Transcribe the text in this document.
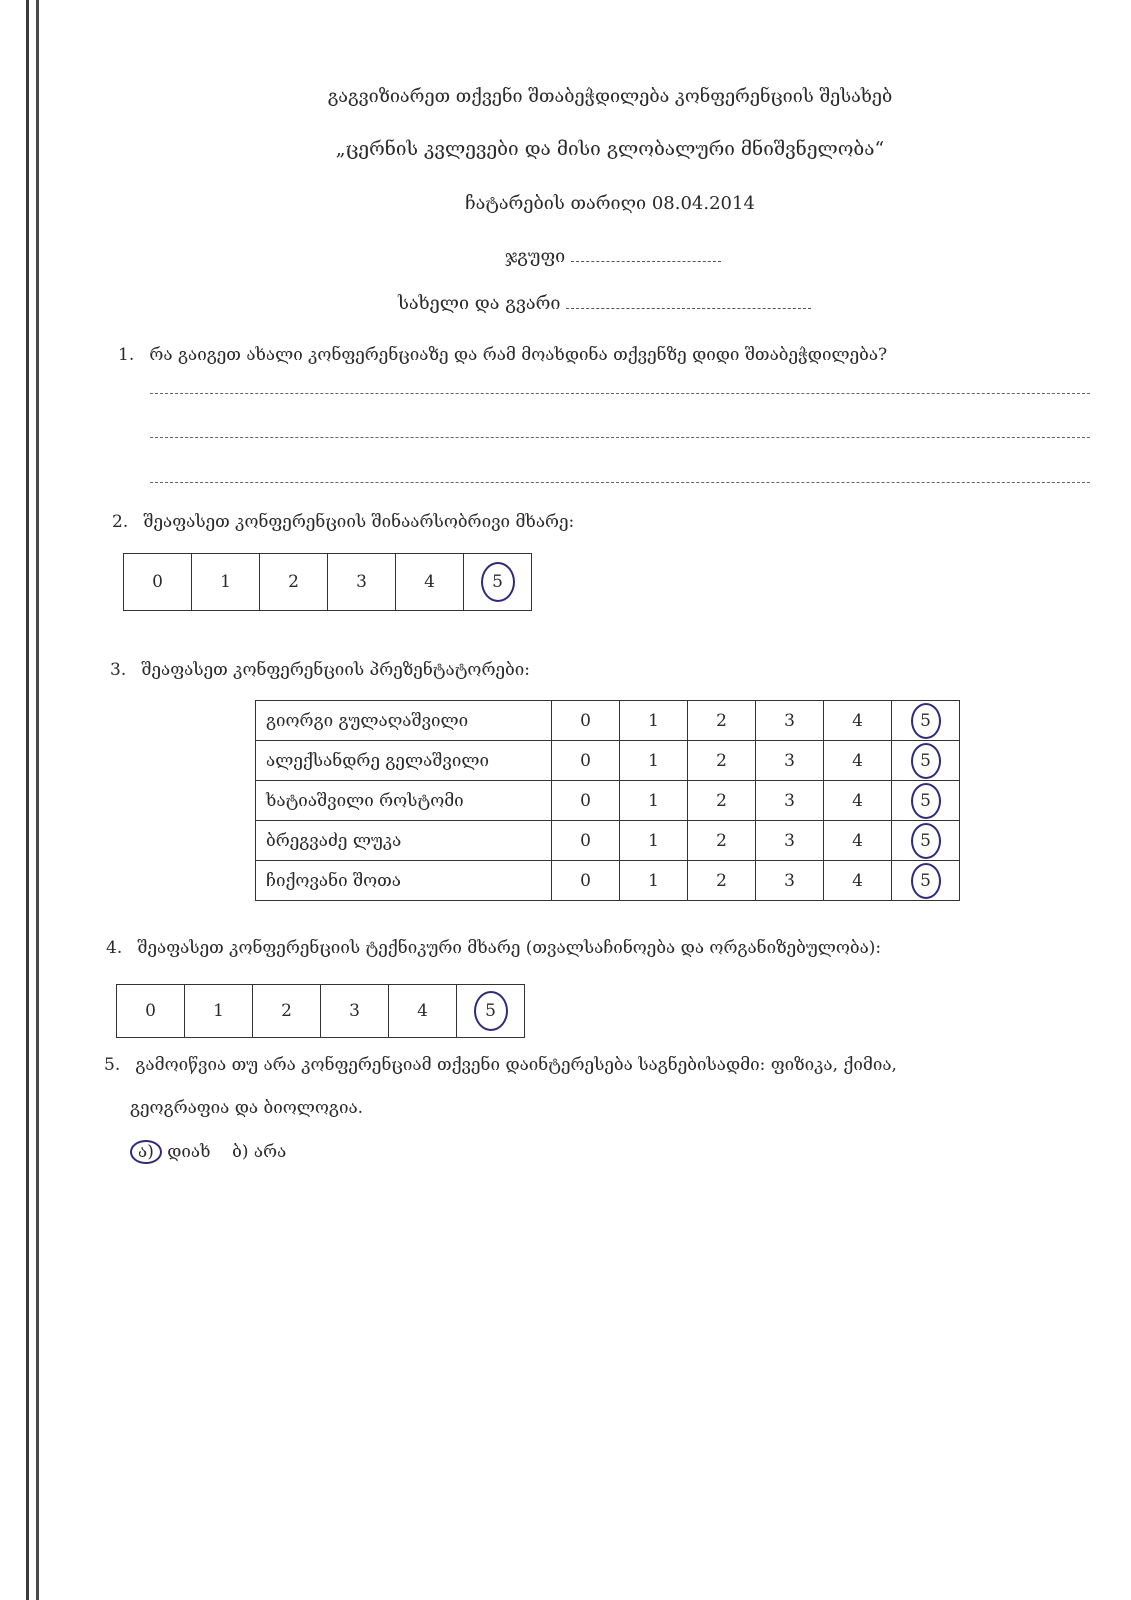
გაგვიზიარეთ თქვენი შთაბეჭდილება კონფერენციის შესახებ
„ცერნის კვლევები და მისი გლობალური მნიშვნელობა“
ჩატარების თარიღი 08.04.2014
ჯგუფი
სახელი და გვარი
1. რა გაიგეთ ახალი კონფერენციაზე და რამ მოახდინა თქვენზე დიდი შთაბეჭდილება?
2. შეაფასეთ კონფერენციის შინაარსობრივი მხარე:
0	1	2	3	4	5
3. შეაფასეთ კონფერენციის პრეზენტატორები:
გიორგი გულაღაშვილი	0	1	2	3	4	5
ალექსანდრე გელაშვილი	0	1	2	3	4	5
ხატიაშვილი როსტომი	0	1	2	3	4	5
ბრეგვაძე ლუკა	0	1	2	3	4	5
ჩიქოვანი შოთა	0	1	2	3	4	5
4. შეაფასეთ კონფერენციის ტექნიკური მხარე (თვალსაჩინოება და ორგანიზებულობა):
0	1	2	3	4	5
5. გამოიწვია თუ არა კონფერენციამ თქვენი დაინტერესება საგნებისადმი: ფიზიკა, ქიმია,
გეოგრაფია და ბიოლოგია.
ა) დიახ ბ) არა
